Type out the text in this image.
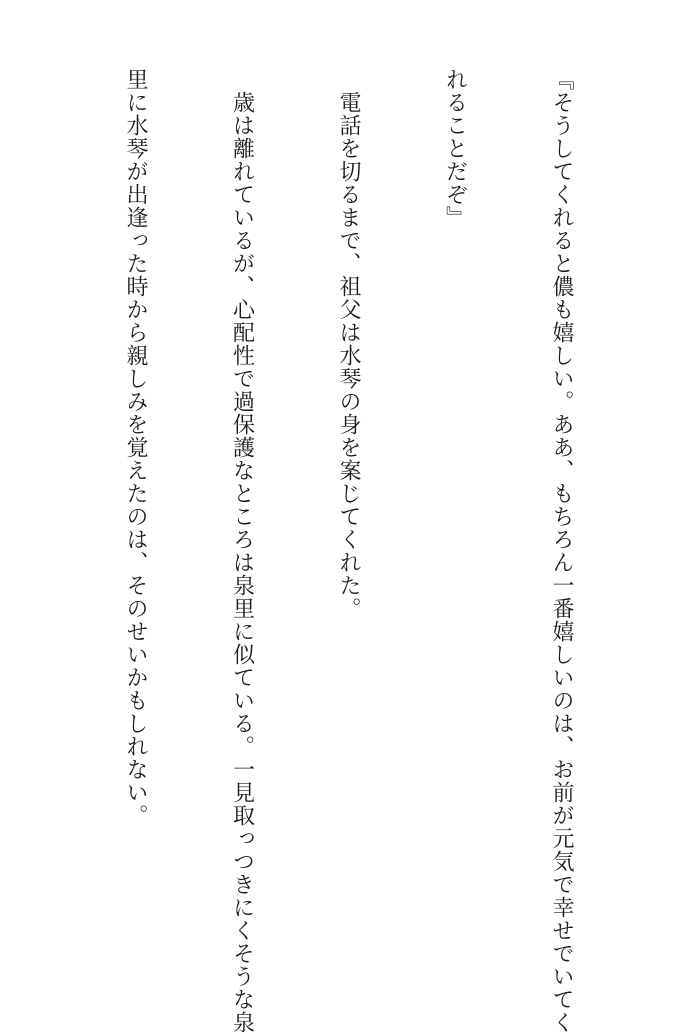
『そうしてくれると儂も嬉しい。ああ、もちろん一番嬉しいのは、お前が元気で幸せでいてく

れることだぞ』

　電話を切るまで、祖父は水琴の身を案じてくれた。

　歳は離れているが、心配性で過保護なところは泉里に似ている。一見取っつきにくそうな泉

里に水琴が出逢った時から親しみを覚えたのは、そのせいかもしれない。
